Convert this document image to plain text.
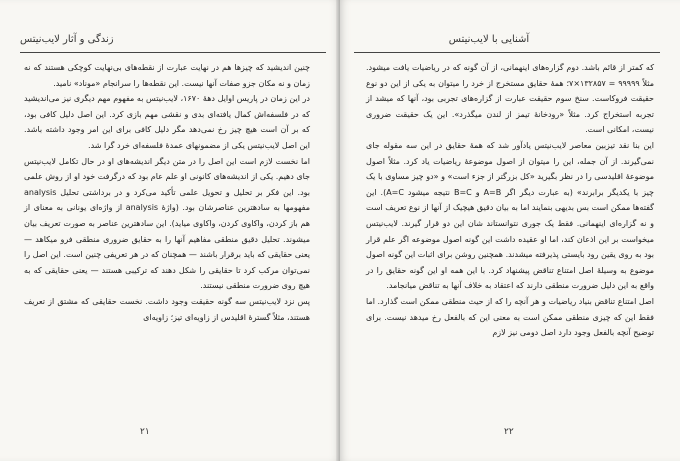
زندگی و آثار لایب‌نیتس

چنین اندیشید که چیزها هم در نهایت عبارت از نقطه‌های بی‌نهایت کوچکی هستند که نه زمان و نه مکان جزو صفات آنها نیست. این نقطه‌ها را سرانجام «موناد» نامید.

در این زمان در پاریس اوایل دههٔ ۱۶۷۰، لایب‌نیتس به مفهوم مهم دیگری نیز می‌اندیشید که در فلسفه‌اش کمال یافته‌ای بدی و نقشی مهم بازی کرد. این اصل دلیل کافی بود، که بر آن است هیچ چیز رخ نمی‌دهد مگر دلیل کافی برای این امر وجود داشته باشد. این اصل لایب‌نیتس یکی از مضمونهای عمدهٔ فلسفه‌ای خرد گرا شد.

اما نخست لازم است این اصل را در متن دیگر اندیشه‌های او در حال تکامل لایب‌نیتس جای دهیم. یکی از اندیشه‌های کانونی او علم عام بود که درگرفت خود او از روش علمی بود. این فکر بر تحلیل و تحویل علمی تأکید می‌کرد و در برداشتی تحلیل analysis مفهومها به سادهترین عناصرشان بود. (واژهٔ analysis از واژه‌ای یونانی به معنای از هم باز کردن، واکاوی کردن، واکاوی میاید). این سادهترین عناصر به صورت تعریف بیان میشوند. تحلیل دقیق منطقی مفاهیم آنها را به حقایق ضروری منطقی فرو میکاهد — یعنی حقایقی که باید برقرار باشند — همچنان که در هر تعریفی چنین است. این اصل را نمی‌توان مرکب کرد تا حقایقی را شکل دهند که ترکیبی هستند — یعنی حقایقی که به هیچ روی ضرورت منطقی نیستند.

پس نزد لایب‌نیتس سه گونه حقیقت وجود داشت. نخست حقایقی که مشتق از تعریف هستند، مثلاً گسترهٔ اقلیدس از زاویه‌ای تیز؛ زاویه‌ای

۲۱
آشنایی با لایب‌نیتس

که کمتر از قائم باشد. دوم گزاره‌های اینهمانی، از آن گونه که در ریاضیات یافت میشود. مثلاً ۹۹۹۹۹ = ۱۳۲۸۵۷×۷؛ همهٔ حقایق مستخرج از خرد را میتوان به یکی از این دو نوع حقیقت فروکاست. سنخ سوم حقیقت عبارت از گزاره‌های تجربی بود، آنها که میشد از تجربه استخراج کرد. مثلاً «رودخانهٔ تیمز از لندن میگذرد». این یک حقیقت ضروری نیست، امکانی است.

این بنا نقد تیزبین معاصر لایب‌نیتس یادآور شد که همهٔ حقایق در این سه مقوله جای نمی‌گیرند. از آن جمله، این را میتوان از اصول موضوعهٔ ریاضیات یاد کرد. مثلاً اصول موضوعهٔ اقلیدسی را در نظر بگیرید «کل بزرگتر از جزء است» و «دو چیز مساوی با یک چیز با یکدیگر برابرند» (به عبارت دیگر اگر A=B و B=C نتیجه میشود A=C). این گفته‌ها ممکن است بس بدیهی بنمایند اما به بیان دقیق هیچیک از آنها از نوع تعریف است و نه گزاره‌ای اینهمانی. فقط یک جوری نتوانستاند شان این دو قرار گیرند. لایب‌نیتس میخواست بر این اذعان کند، اما او عقیده داشت این گونه اصول موضوعه اگر علم قرار بود به روی یقین رود بایستی پذیرفته میشدند. همچنین روشن برای اثبات این گونه اصول موضوع به وسیلهٔ اصل امتناع تناقض پیشنهاد کرد. با این همه او این گونه حقایق را در واقع به این دلیل ضرورت منطقی دارند که اعتقاد به خلاف آنها به تناقض میانجامد.

اصل امتناع تناقض بنیاد ریاضیات و هر آنچه را که از حیث منطقی ممکن است گذارد. اما فقط این که چیزی منطقی ممکن است به معنی این که بالفعل رخ میدهد نیست. برای توضیح آنچه بالفعل وجود دارد اصل دومی نیز لازم

۲۲
